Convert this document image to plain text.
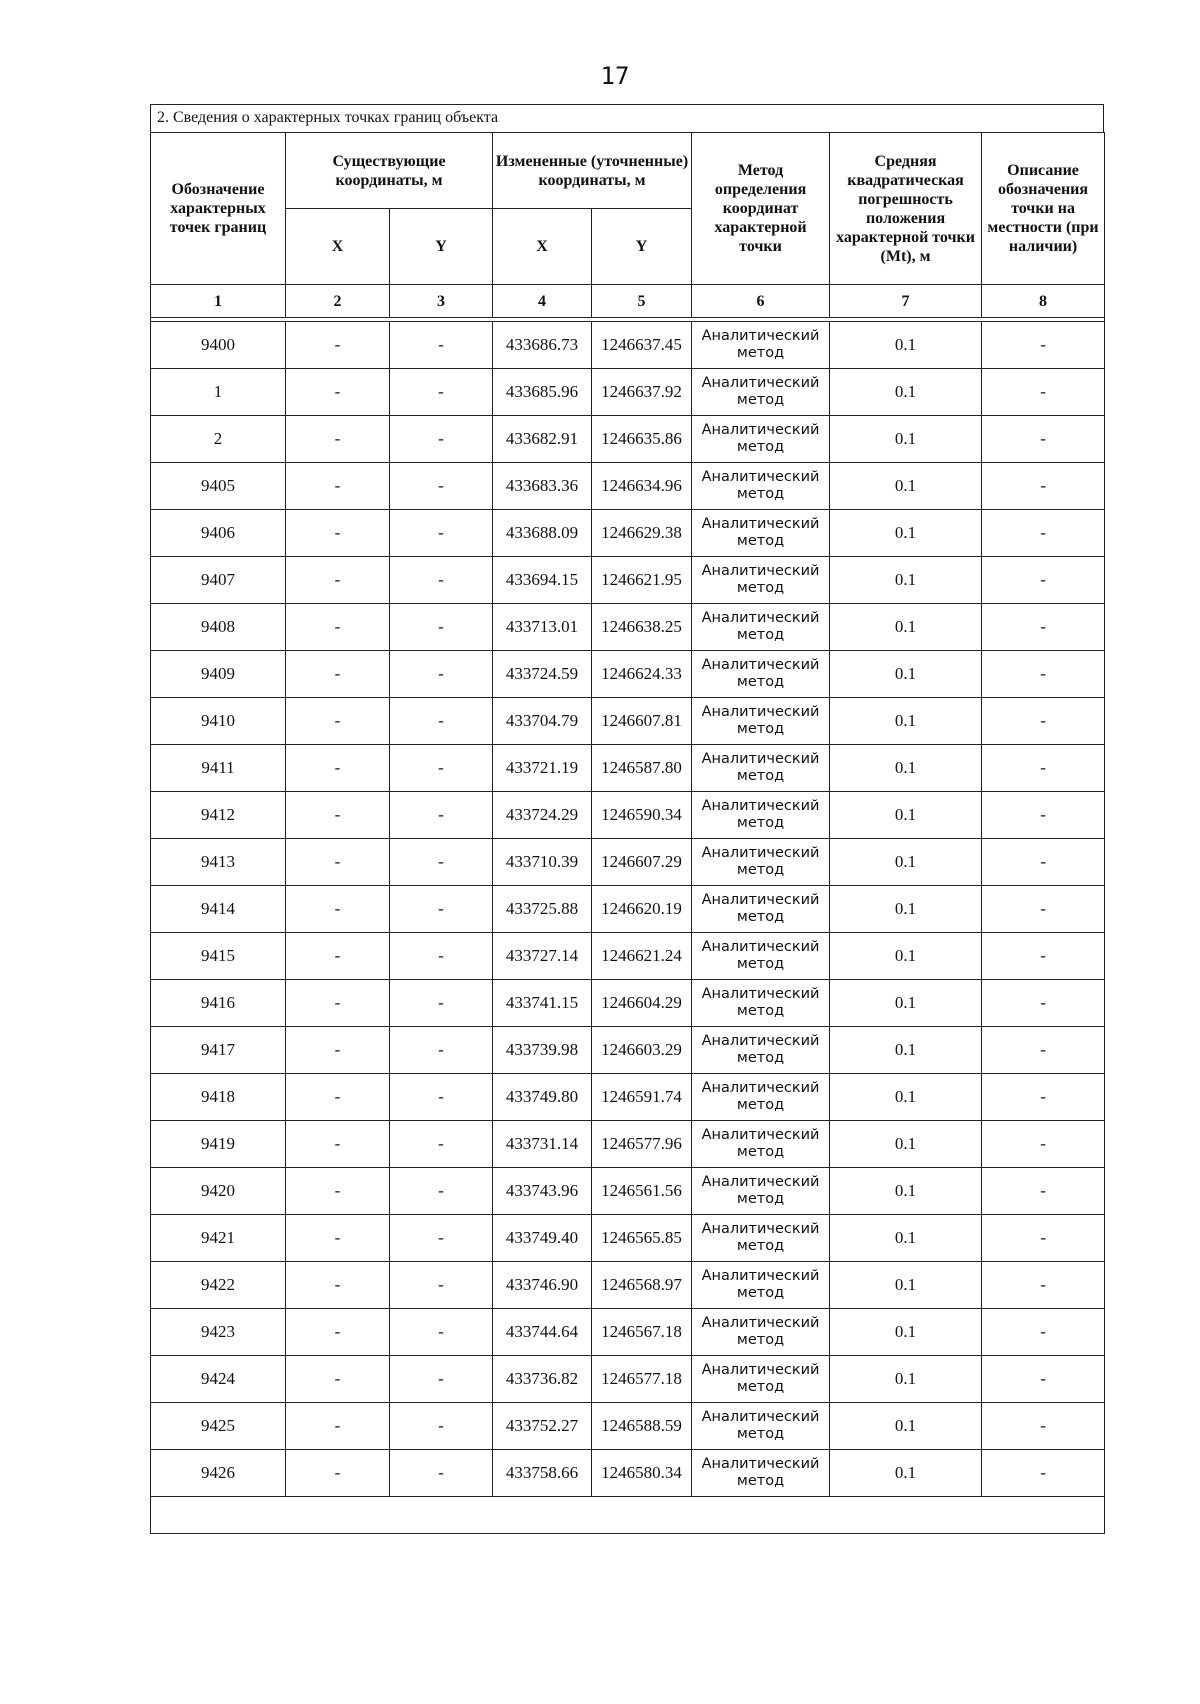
17
2. Сведения о характерных точках границ объекта
Обозначение характерных точек границ	Существующие координаты, м		Измененные (уточненные) координаты, м		Метод определения координат характерной точки	Средняя квадратическая погрешность положения характерной точки (Mt), м	Описание обозначения точки на местности (при наличии)
	X	Y	X	Y			
1	2	3	4	5	6	7	8

9400	-	-	433686.73	1246637.45	Аналитический метод	0.1	-
1	-	-	433685.96	1246637.92	Аналитический метод	0.1	-
2	-	-	433682.91	1246635.86	Аналитический метод	0.1	-
9405	-	-	433683.36	1246634.96	Аналитический метод	0.1	-
9406	-	-	433688.09	1246629.38	Аналитический метод	0.1	-
9407	-	-	433694.15	1246621.95	Аналитический метод	0.1	-
9408	-	-	433713.01	1246638.25	Аналитический метод	0.1	-
9409	-	-	433724.59	1246624.33	Аналитический метод	0.1	-
9410	-	-	433704.79	1246607.81	Аналитический метод	0.1	-
9411	-	-	433721.19	1246587.80	Аналитический метод	0.1	-
9412	-	-	433724.29	1246590.34	Аналитический метод	0.1	-
9413	-	-	433710.39	1246607.29	Аналитический метод	0.1	-
9414	-	-	433725.88	1246620.19	Аналитический метод	0.1	-
9415	-	-	433727.14	1246621.24	Аналитический метод	0.1	-
9416	-	-	433741.15	1246604.29	Аналитический метод	0.1	-
9417	-	-	433739.98	1246603.29	Аналитический метод	0.1	-
9418	-	-	433749.80	1246591.74	Аналитический метод	0.1	-
9419	-	-	433731.14	1246577.96	Аналитический метод	0.1	-
9420	-	-	433743.96	1246561.56	Аналитический метод	0.1	-
9421	-	-	433749.40	1246565.85	Аналитический метод	0.1	-
9422	-	-	433746.90	1246568.97	Аналитический метод	0.1	-
9423	-	-	433744.64	1246567.18	Аналитический метод	0.1	-
9424	-	-	433736.82	1246577.18	Аналитический метод	0.1	-
9425	-	-	433752.27	1246588.59	Аналитический метод	0.1	-
9426	-	-	433758.66	1246580.34	Аналитический метод	0.1	-
